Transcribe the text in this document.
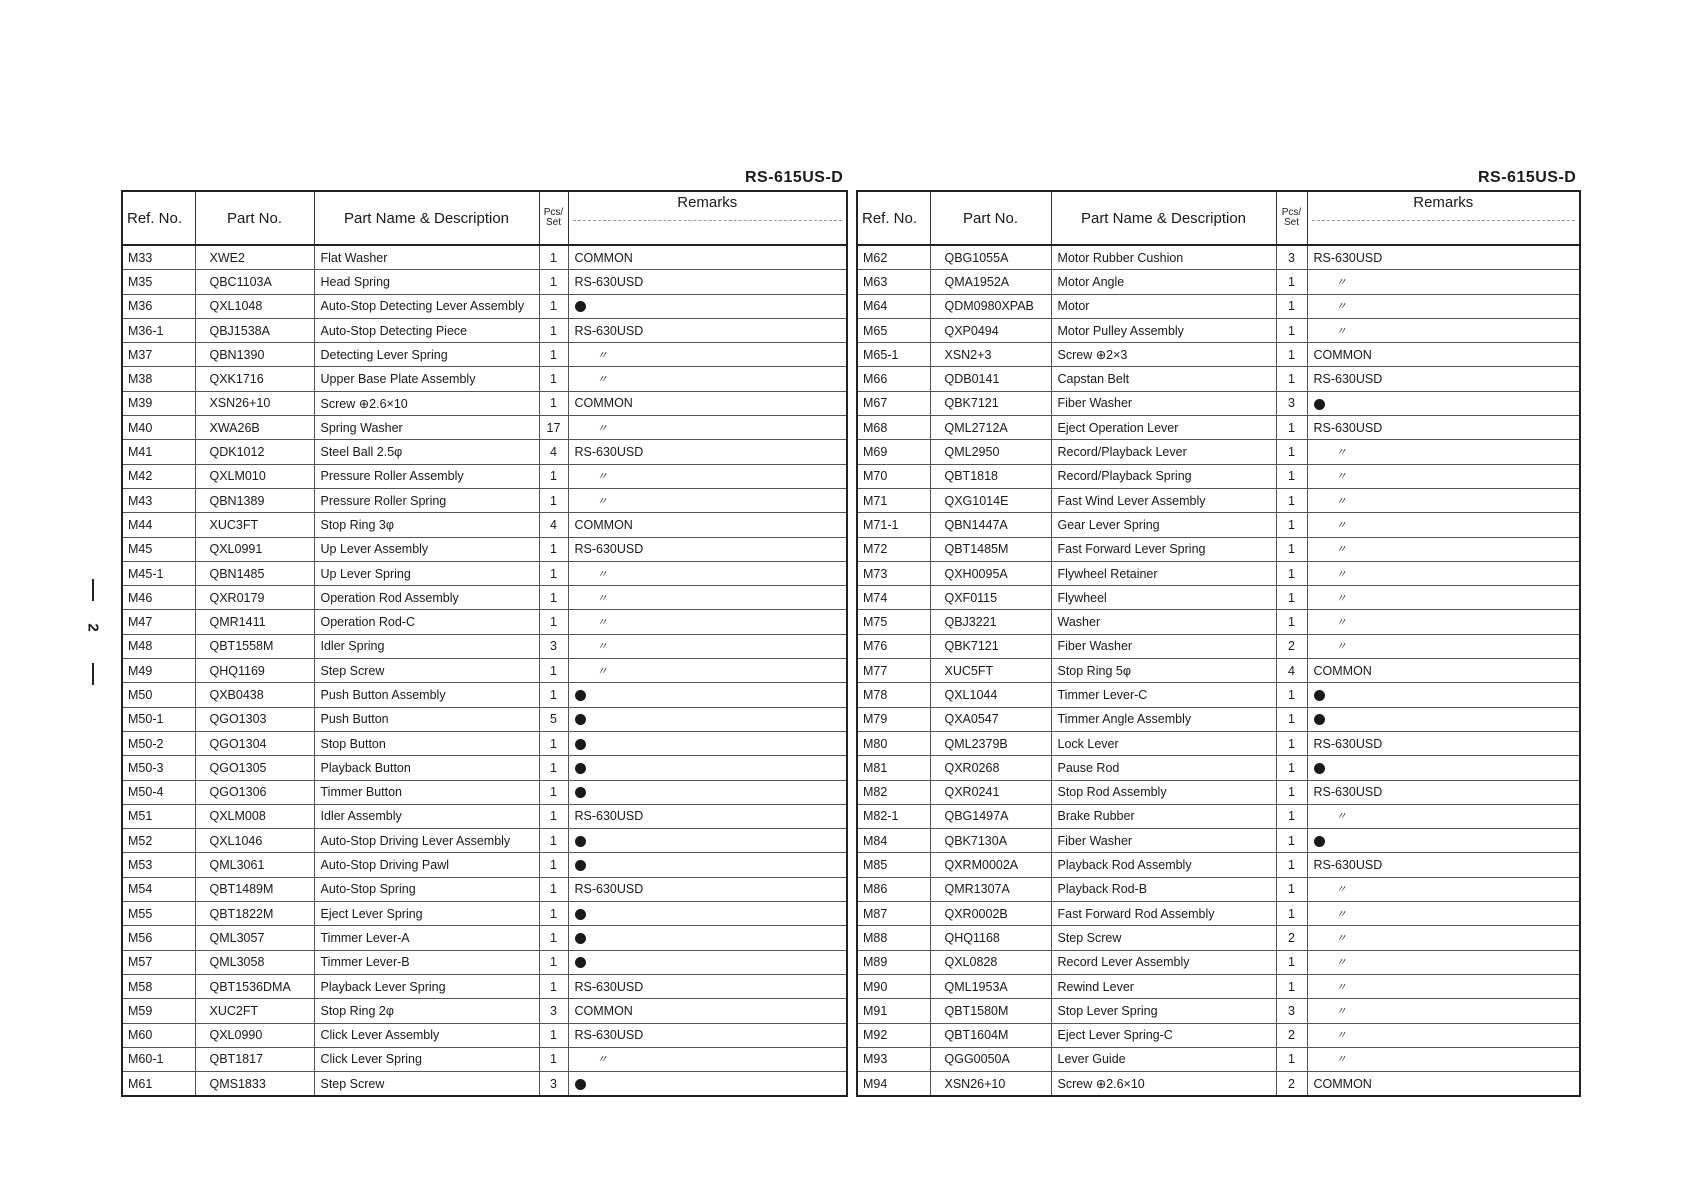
RS-615US-D	RS-615US-D
2
Ref. No.	Part No.	Part Name & Description	Pcs/ Set	Remarks
M33	XWE2	Flat Washer	1	COMMON
M35	QBC1103A	Head Spring	1	RS-630USD
M36	QXL1048	Auto-Stop Detecting Lever Assembly	1	
M36-1	QBJ1538A	Auto-Stop Detecting Piece	1	RS-630USD
M37	QBN1390	Detecting Lever Spring	1	〃
M38	QXK1716	Upper Base Plate Assembly	1	〃
M39	XSN26+10	Screw ⊕2.6×10	1	COMMON
M40	XWA26B	Spring Washer	17	〃
M41	QDK1012	Steel Ball 2.5φ	4	RS-630USD
M42	QXLM010	Pressure Roller Assembly	1	〃
M43	QBN1389	Pressure Roller Spring	1	〃
M44	XUC3FT	Stop Ring 3φ	4	COMMON
M45	QXL0991	Up Lever Assembly	1	RS-630USD
M45-1	QBN1485	Up Lever Spring	1	〃
M46	QXR0179	Operation Rod Assembly	1	〃
M47	QMR1411	Operation Rod-C	1	〃
M48	QBT1558M	Idler Spring	3	〃
M49	QHQ1169	Step Screw	1	〃
M50	QXB0438	Push Button Assembly	1	
M50-1	QGO1303	Push Button	5	
M50-2	QGO1304	Stop Button	1	
M50-3	QGO1305	Playback Button	1	
M50-4	QGO1306	Timmer Button	1	
M51	QXLM008	Idler Assembly	1	RS-630USD
M52	QXL1046	Auto-Stop Driving Lever Assembly	1	
M53	QML3061	Auto-Stop Driving Pawl	1	
M54	QBT1489M	Auto-Stop Spring	1	RS-630USD
M55	QBT1822M	Eject Lever Spring	1	
M56	QML3057	Timmer Lever-A	1	
M57	QML3058	Timmer Lever-B	1	
M58	QBT1536DMA	Playback Lever Spring	1	RS-630USD
M59	XUC2FT	Stop Ring 2φ	3	COMMON
M60	QXL0990	Click Lever Assembly	1	RS-630USD
M60-1	QBT1817	Click Lever Spring	1	〃
M61	QMS1833	Step Screw	3	
Ref. No.	Part No.	Part Name & Description	Pcs/ Set	Remarks
M62	QBG1055A	Motor Rubber Cushion	3	RS-630USD
M63	QMA1952A	Motor Angle	1	〃
M64	QDM0980XPAB	Motor	1	〃
M65	QXP0494	Motor Pulley Assembly	1	〃
M65-1	XSN2+3	Screw ⊕2×3	1	COMMON
M66	QDB0141	Capstan Belt	1	RS-630USD
M67	QBK7121	Fiber Washer	3	
M68	QML2712A	Eject Operation Lever	1	RS-630USD
M69	QML2950	Record/Playback Lever	1	〃
M70	QBT1818	Record/Playback Spring	1	〃
M71	QXG1014E	Fast Wind Lever Assembly	1	〃
M71-1	QBN1447A	Gear Lever Spring	1	〃
M72	QBT1485M	Fast Forward Lever Spring	1	〃
M73	QXH0095A	Flywheel Retainer	1	〃
M74	QXF0115	Flywheel	1	〃
M75	QBJ3221	Washer	1	〃
M76	QBK7121	Fiber Washer	2	〃
M77	XUC5FT	Stop Ring 5φ	4	COMMON
M78	QXL1044	Timmer Lever-C	1	
M79	QXA0547	Timmer Angle Assembly	1	
M80	QML2379B	Lock Lever	1	RS-630USD
M81	QXR0268	Pause Rod	1	
M82	QXR0241	Stop Rod Assembly	1	RS-630USD
M82-1	QBG1497A	Brake Rubber	1	〃
M84	QBK7130A	Fiber Washer	1	
M85	QXRM0002A	Playback Rod Assembly	1	RS-630USD
M86	QMR1307A	Playback Rod-B	1	〃
M87	QXR0002B	Fast Forward Rod Assembly	1	〃
M88	QHQ1168	Step Screw	2	〃
M89	QXL0828	Record Lever Assembly	1	〃
M90	QML1953A	Rewind Lever	1	〃
M91	QBT1580M	Stop Lever Spring	3	〃
M92	QBT1604M	Eject Lever Spring-C	2	〃
M93	QGG0050A	Lever Guide	1	〃
M94	XSN26+10	Screw ⊕2.6×10	2	COMMON
